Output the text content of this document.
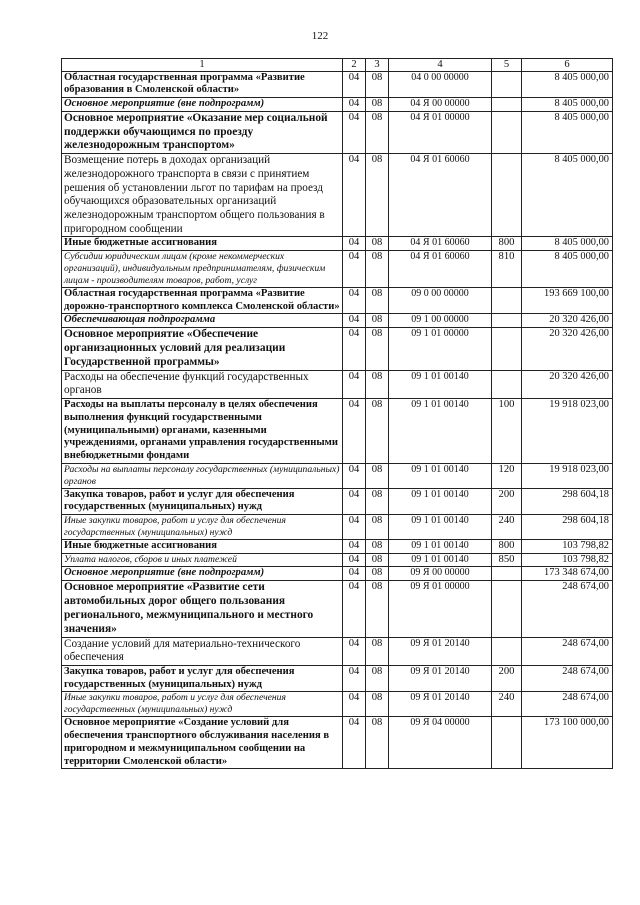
122
1	2	3	4	5	6
Областная государственная программа «Развитие образования в Смоленской области»	04	08	04 0 00 00000		8 405 000,00
Основное мероприятие (вне подпрограмм)	04	08	04 Я 00 00000		8 405 000,00
Основное мероприятие «Оказание мер социальной поддержки обучающимся по проезду железнодорожным транспортом»	04	08	04 Я 01 00000		8 405 000,00
Возмещение потерь в доходах организаций железнодорожного транспорта в связи с принятием решения об установлении льгот по тарифам на проезд обучающихся образовательных организаций железнодорожным транспортом общего пользования в пригородном сообщении	04	08	04 Я 01 60060		8 405 000,00
Иные бюджетные ассигнования	04	08	04 Я 01 60060	800	8 405 000,00
Субсидии юридическим лицам (кроме некоммерческих организаций), индивидуальным предпринимателям, физическим лицам - производителям товаров, работ, услуг	04	08	04 Я 01 60060	810	8 405 000,00
Областная государственная программа «Развитие дорожно-транспортного комплекса Смоленской области»	04	08	09 0 00 00000		193 669 100,00
Обеспечивающая подпрограмма	04	08	09 1 00 00000		20 320 426,00
Основное мероприятие «Обеспечение организационных условий для реализации Государственной программы»	04	08	09 1 01 00000		20 320 426,00
Расходы на обеспечение функций государственных органов	04	08	09 1 01 00140		20 320 426,00
Расходы на выплаты персоналу в целях обеспечения выполнения функций государственными (муниципальными) органами, казенными учреждениями, органами управления государственными внебюджетными фондами	04	08	09 1 01 00140	100	19 918 023,00
Расходы на выплаты персоналу государственных (муниципальных) органов	04	08	09 1 01 00140	120	19 918 023,00
Закупка товаров, работ и услуг для обеспечения государственных (муниципальных) нужд	04	08	09 1 01 00140	200	298 604,18
Иные закупки товаров, работ и услуг для обеспечения государственных (муниципальных) нужд	04	08	09 1 01 00140	240	298 604,18
Иные бюджетные ассигнования	04	08	09 1 01 00140	800	103 798,82
Уплата налогов, сборов и иных платежей	04	08	09 1 01 00140	850	103 798,82
Основное мероприятие (вне подпрограмм)	04	08	09 Я 00 00000		173 348 674,00
Основное мероприятие «Развитие сети автомобильных дорог общего пользования регионального, межмуниципального и местного значения»	04	08	09 Я 01 00000		248 674,00
Создание условий для материально-технического обеспечения	04	08	09 Я 01 20140		248 674,00
Закупка товаров, работ и услуг для обеспечения государственных (муниципальных) нужд	04	08	09 Я 01 20140	200	248 674,00
Иные закупки товаров, работ и услуг для обеспечения государственных (муниципальных) нужд	04	08	09 Я 01 20140	240	248 674,00
Основное мероприятие «Создание условий для обеспечения транспортного обслуживания населения в пригородном и межмуниципальном сообщении на территории Смоленской области»	04	08	09 Я 04 00000		173 100 000,00
